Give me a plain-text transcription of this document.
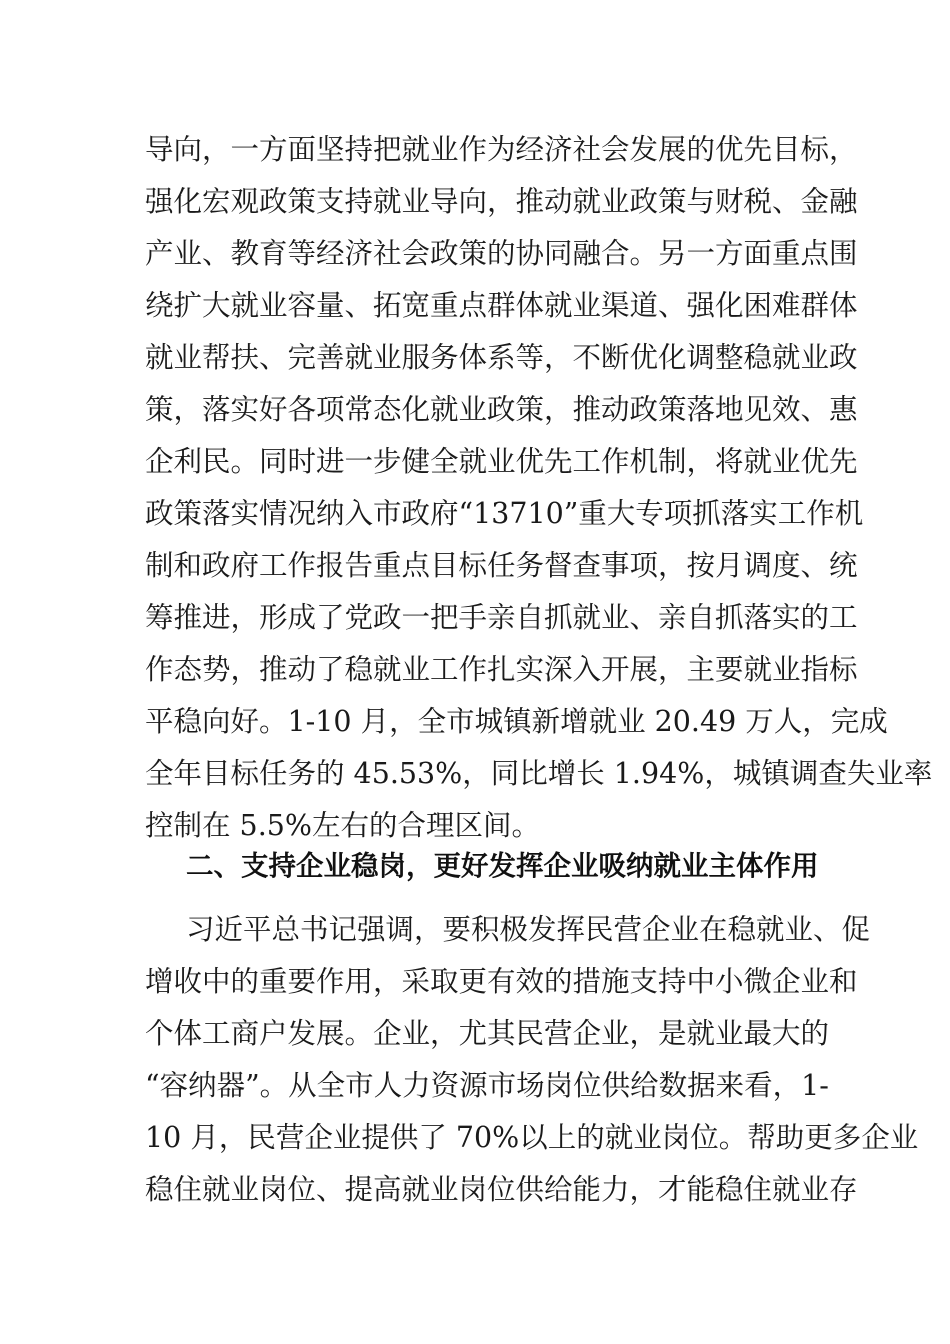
导向，一方面坚持把就业作为经济社会发展的优先目标，
强化宏观政策支持就业导向，推动就业政策与财税、金融
产业、教育等经济社会政策的协同融合。另一方面重点围
绕扩大就业容量、拓宽重点群体就业渠道、强化困难群体
就业帮扶、完善就业服务体系等，不断优化调整稳就业政
策，落实好各项常态化就业政策，推动政策落地见效、惠
企利民。同时进一步健全就业优先工作机制，将就业优先
政策落实情况纳入市政府“13710”重大专项抓落实工作机
制和政府工作报告重点目标任务督查事项，按月调度、统
筹推进，形成了党政一把手亲自抓就业、亲自抓落实的工
作态势，推动了稳就业工作扎实深入开展，主要就业指标
平稳向好。1-10 月，全市城镇新增就业 20.49 万人，完成
全年目标任务的 45.53%，同比增长 1.94%，城镇调查失业率
控制在 5.5%左右的合理区间。
二、支持企业稳岗，更好发挥企业吸纳就业主体作用
习近平总书记强调，要积极发挥民营企业在稳就业、促
增收中的重要作用，采取更有效的措施支持中小微企业和
个体工商户发展。企业，尤其民营企业，是就业最大的
“容纳器”。从全市人力资源市场岗位供给数据来看，1-
10 月，民营企业提供了 70%以上的就业岗位。帮助更多企业
稳住就业岗位、提高就业岗位供给能力，才能稳住就业存
